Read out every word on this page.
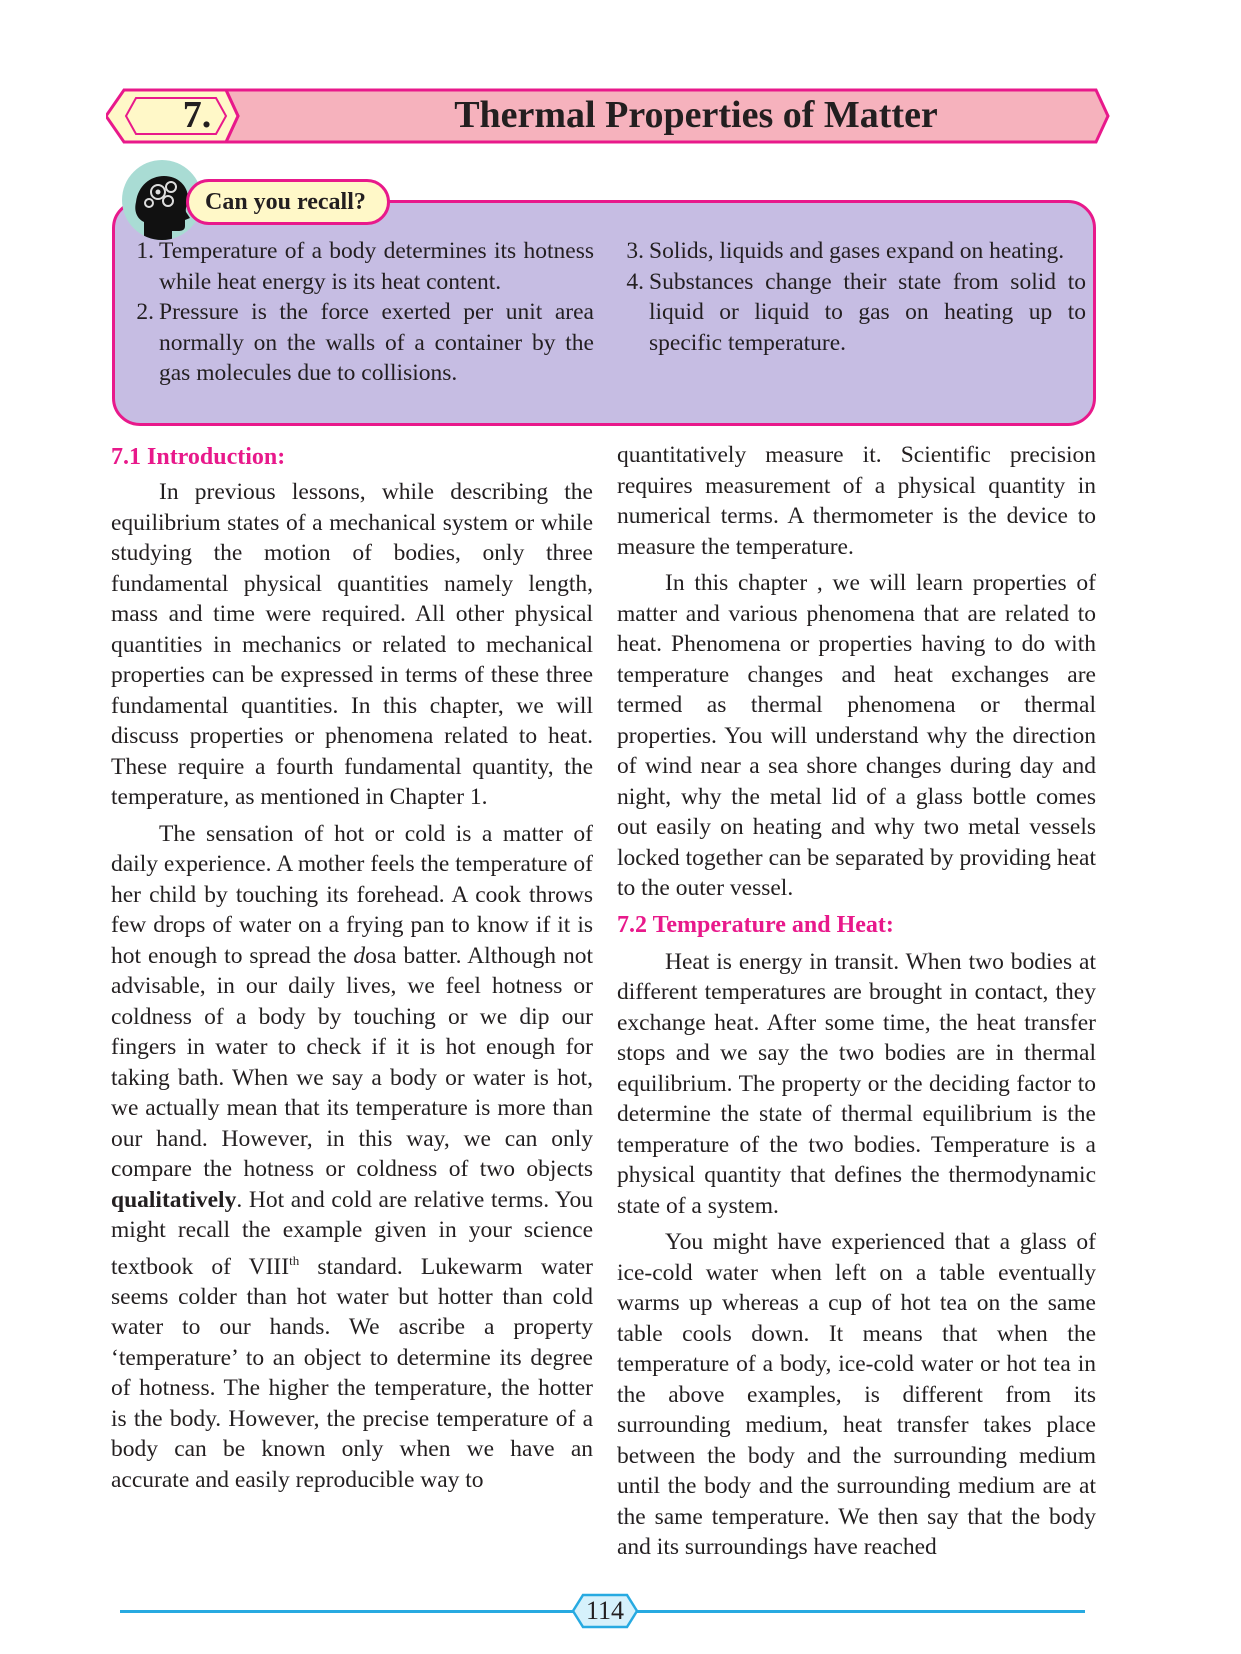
7.	Thermal Properties of Matter
Can you recall?
1. Temperature of a body determines its hotness while heat energy is its heat content.
2. Pressure is the force exerted per unit area normally on the walls of a container by the gas molecules due to collisions.
3. Solids, liquids and gases expand on heating.
4. Substances change their state from solid to liquid or liquid to gas on heating up to specific temperature.
7.1 Introduction:

In previous lessons, while describing the equilibrium states of a mechanical system or while studying the motion of bodies, only three fundamental physical quantities namely length, mass and time were required. All other physical quantities in mechanics or related to mechanical properties can be expressed in terms of these three fundamental quantities. In this chapter, we will discuss properties or phenomena related to heat. These require a fourth fundamental quantity, the temperature, as mentioned in Chapter 1.

The sensation of hot or cold is a matter of daily experience. A mother feels the temperature of her child by touching its forehead. A cook throws few drops of water on a frying pan to know if it is hot enough to spread the dosa batter. Although not advisable, in our daily lives, we feel hotness or coldness of a body by touching or we dip our fingers in water to check if it is hot enough for taking bath. When we say a body or water is hot, we actually mean that its temperature is more than our hand. However, in this way, we can only compare the hotness or coldness of two objects qualitatively. Hot and cold are relative terms. You might recall the example given in your science textbook of VIIIth standard. Lukewarm water seems colder than hot water but hotter than cold water to our hands. We ascribe a property ‘temperature’ to an object to determine its degree of hotness. The higher the temperature, the hotter is the body. However, the precise temperature of a body can be known only when we have an accurate and easily reproducible way to

quantitatively measure it. Scientific precision requires measurement of a physical quantity in numerical terms. A thermometer is the device to measure the temperature.

In this chapter , we will learn properties of matter and various phenomena that are related to heat. Phenomena or properties having to do with temperature changes and heat exchanges are termed as thermal phenomena or thermal properties. You will understand why the direction of wind near a sea shore changes during day and night, why the metal lid of a glass bottle comes out easily on heating and why two metal vessels locked together can be separated by providing heat to the outer vessel.

7.2 Temperature and Heat:

Heat is energy in transit. When two bodies at different temperatures are brought in contact, they exchange heat. After some time, the heat transfer stops and we say the two bodies are in thermal equilibrium. The property or the deciding factor to determine the state of thermal equilibrium is the temperature of the two bodies. Temperature is a physical quantity that defines the thermodynamic state of a system.

You might have experienced that a glass of ice-cold water when left on a table eventually warms up whereas a cup of hot tea on the same table cools down. It means that when the temperature of a body, ice-cold water or hot tea in the above examples, is different from its surrounding medium, heat transfer takes place between the body and the surrounding medium until the body and the surrounding medium are at the same temperature. We then say that the body and its surroundings have reached

114
